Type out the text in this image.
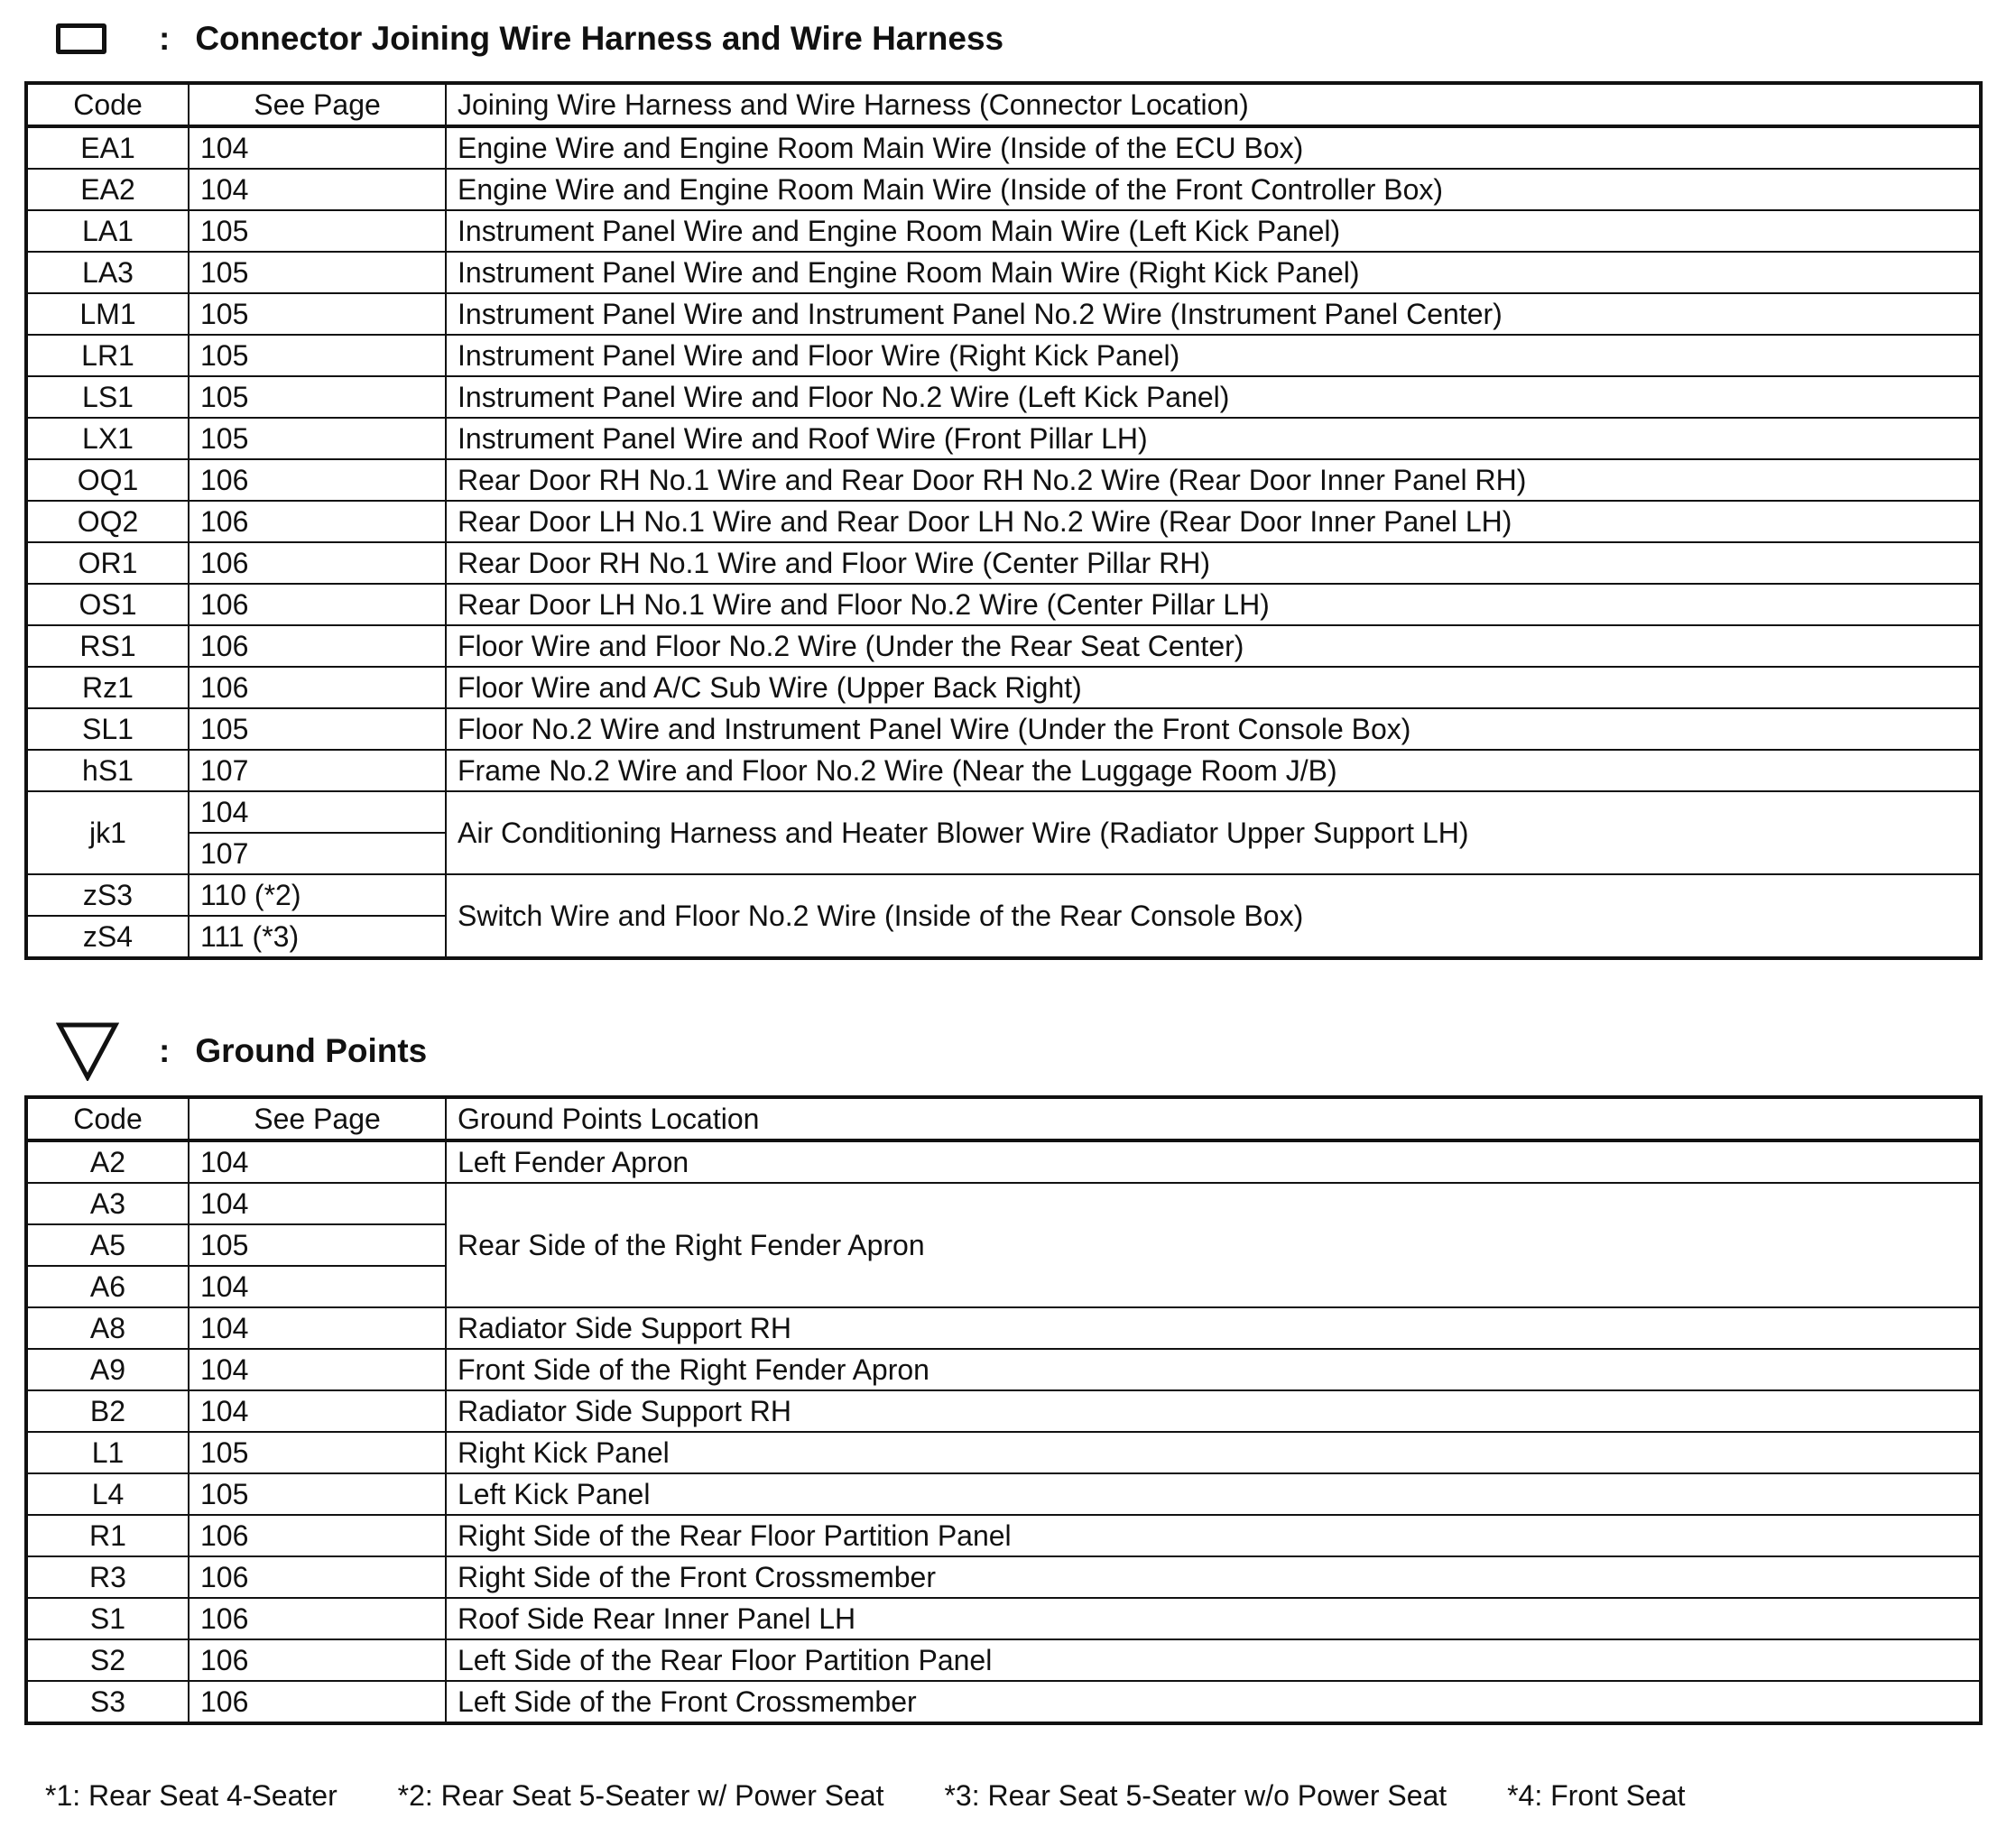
: Connector Joining Wire Harness and Wire Harness
Code	See Page	Joining Wire Harness and Wire Harness (Connector Location)
EA1	104	Engine Wire and Engine Room Main Wire (Inside of the ECU Box)
EA2	104	Engine Wire and Engine Room Main Wire (Inside of the Front Controller Box)
LA1	105	Instrument Panel Wire and Engine Room Main Wire (Left Kick Panel)
LA3	105	Instrument Panel Wire and Engine Room Main Wire (Right Kick Panel)
LM1	105	Instrument Panel Wire and Instrument Panel No.2 Wire (Instrument Panel Center)
LR1	105	Instrument Panel Wire and Floor Wire (Right Kick Panel)
LS1	105	Instrument Panel Wire and Floor No.2 Wire (Left Kick Panel)
LX1	105	Instrument Panel Wire and Roof Wire (Front Pillar LH)
OQ1	106	Rear Door RH No.1 Wire and Rear Door RH No.2 Wire (Rear Door Inner Panel RH)
OQ2	106	Rear Door LH No.1 Wire and Rear Door LH No.2 Wire (Rear Door Inner Panel LH)
OR1	106	Rear Door RH No.1 Wire and Floor Wire (Center Pillar RH)
OS1	106	Rear Door LH No.1 Wire and Floor No.2 Wire (Center Pillar LH)
RS1	106	Floor Wire and Floor No.2 Wire (Under the Rear Seat Center)
Rz1	106	Floor Wire and A/C Sub Wire (Upper Back Right)
SL1	105	Floor No.2 Wire and Instrument Panel Wire (Under the Front Console Box)
hS1	107	Frame No.2 Wire and Floor No.2 Wire (Near the Luggage Room J/B)
jk1	104	Air Conditioning Harness and Heater Blower Wire (Radiator Upper Support LH)
	107	
zS3	110 (*2)	Switch Wire and Floor No.2 Wire (Inside of the Rear Console Box)
zS4	111 (*3)	
: Ground Points
Code	See Page	Ground Points Location
A2	104	Left Fender Apron
A3	104	Rear Side of the Right Fender Apron
A5	105	
A6	104	
A8	104	Radiator Side Support RH
A9	104	Front Side of the Right Fender Apron
B2	104	Radiator Side Support RH
L1	105	Right Kick Panel
L4	105	Left Kick Panel
R1	106	Right Side of the Rear Floor Partition Panel
R3	106	Right Side of the Front Crossmember
S1	106	Roof Side Rear Inner Panel LH
S2	106	Left Side of the Rear Floor Partition Panel
S3	106	Left Side of the Front Crossmember
*1: Rear Seat 4-Seater *2: Rear Seat 5-Seater w/ Power Seat *3: Rear Seat 5-Seater w/o Power Seat *4: Front Seat
